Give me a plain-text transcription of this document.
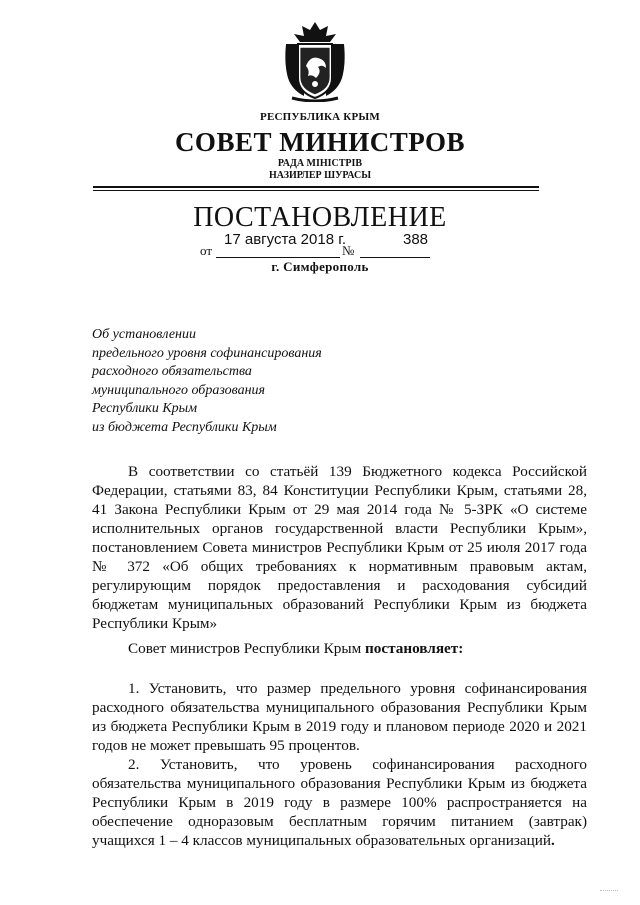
РЕСПУБЛИКА КРЫМ
СОВЕТ МИНИСТРОВ
РАДА МІНІСТРІВ
НАЗИРЛЕР ШУРАСЫ
ПОСТАНОВЛЕНИЕ
от
17 августа 2018 г.
№
388
г. Симферополь
Об установлении
предельного уровня софинансирования
расходного обязательства
муниципального образования
Республики Крым
из бюджета Республики Крым
В соответствии со статьёй 139 Бюджетного кодекса Российской Федерации, статьями 83, 84 Конституции Республики Крым, статьями 28, 41 Закона Республики Крым от 29 мая 2014 года № 5-ЗРК «О системе исполнительных органов государственной власти Республики Крым», постановлением Совета министров Республики Крым от 25 июля 2017 года № 372 «Об общих требованиях к нормативным правовым актам, регулирующим порядок предоставления и расходования субсидий бюджетам муниципальных образований Республики Крым из бюджета Республики Крым»
Совет министров Республики Крым постановляет:
1. Установить, что размер предельного уровня софинансирования расходного обязательства муниципального образования Республики Крым из бюджета Республики Крым в 2019 году и плановом периоде 2020 и 2021 годов не может превышать 95 процентов.
2. Установить, что уровень софинансирования расходного обязательства муниципального образования Республики Крым из бюджета Республики Крым в 2019 году в размере 100% распространяется на обеспечение одноразовым бесплатным горячим питанием (завтрак) учащихся 1 – 4 классов муниципальных образовательных организаций.
